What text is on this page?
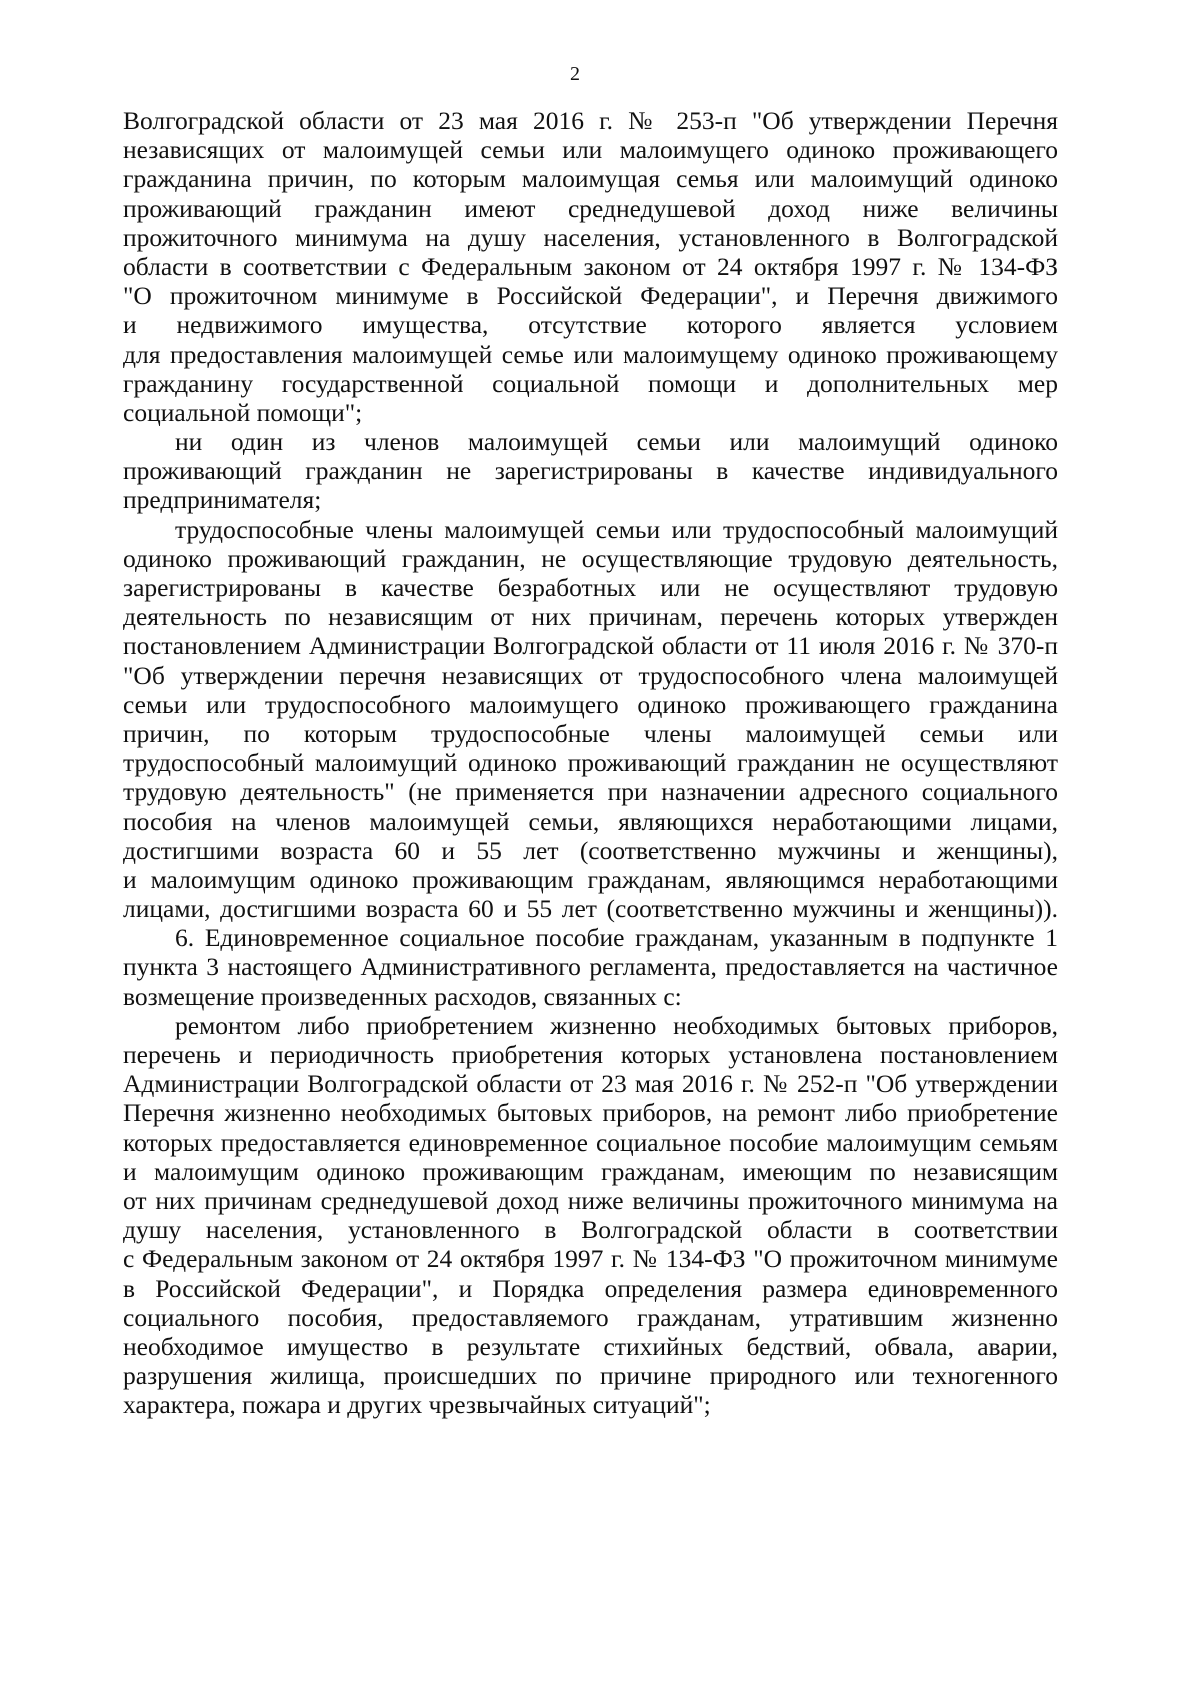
2
Волгоградской области от 23 мая 2016 г. № 253-п "Об утверждении Перечня
независящих от малоимущей семьи или малоимущего одиноко проживающего
гражданина причин, по которым малоимущая семья или малоимущий одиноко
проживающий гражданин имеют среднедушевой доход ниже величины
прожиточного минимума на душу населения, установленного в Волгоградской
области в соответствии с Федеральным законом от 24 октября 1997 г. № 134-ФЗ
"О прожиточном минимуме в Российской Федерации", и Перечня движимого
и недвижимого имущества, отсутствие которого является условием
для предоставления малоимущей семье или малоимущему одиноко проживающему
гражданину государственной социальной помощи и дополнительных мер
социальной помощи";
ни один из членов малоимущей семьи или малоимущий одиноко
проживающий гражданин не зарегистрированы в качестве индивидуального
предпринимателя;
трудоспособные члены малоимущей семьи или трудоспособный малоимущий
одиноко проживающий гражданин, не осуществляющие трудовую деятельность,
зарегистрированы в качестве безработных или не осуществляют трудовую
деятельность по независящим от них причинам, перечень которых утвержден
постановлением Администрации Волгоградской области от 11 июля 2016 г. № 370-п
"Об утверждении перечня независящих от трудоспособного члена малоимущей
семьи или трудоспособного малоимущего одиноко проживающего гражданина
причин, по которым трудоспособные члены малоимущей семьи или
трудоспособный малоимущий одиноко проживающий гражданин не осуществляют
трудовую деятельность" (не применяется при назначении адресного социального
пособия на членов малоимущей семьи, являющихся неработающими лицами,
достигшими возраста 60 и 55 лет (соответственно мужчины и женщины),
и малоимущим одиноко проживающим гражданам, являющимся неработающими
лицами, достигшими возраста 60 и 55 лет (соответственно мужчины и женщины)).
6. Единовременное социальное пособие гражданам, указанным в подпункте 1
пункта 3 настоящего Административного регламента, предоставляется на частичное
возмещение произведенных расходов, связанных с:
ремонтом либо приобретением жизненно необходимых бытовых приборов,
перечень и периодичность приобретения которых установлена постановлением
Администрации Волгоградской области от 23 мая 2016 г. № 252-п "Об утверждении
Перечня жизненно необходимых бытовых приборов, на ремонт либо приобретение
которых предоставляется единовременное социальное пособие малоимущим семьям
и малоимущим одиноко проживающим гражданам, имеющим по независящим
от них причинам среднедушевой доход ниже величины прожиточного минимума на
душу населения, установленного в Волгоградской области в соответствии
с Федеральным законом от 24 октября 1997 г. № 134-ФЗ "О прожиточном минимуме
в Российской Федерации", и Порядка определения размера единовременного
социального пособия, предоставляемого гражданам, утратившим жизненно
необходимое имущество в результате стихийных бедствий, обвала, аварии,
разрушения жилища, происшедших по причине природного или техногенного
характера, пожара и других чрезвычайных ситуаций";
